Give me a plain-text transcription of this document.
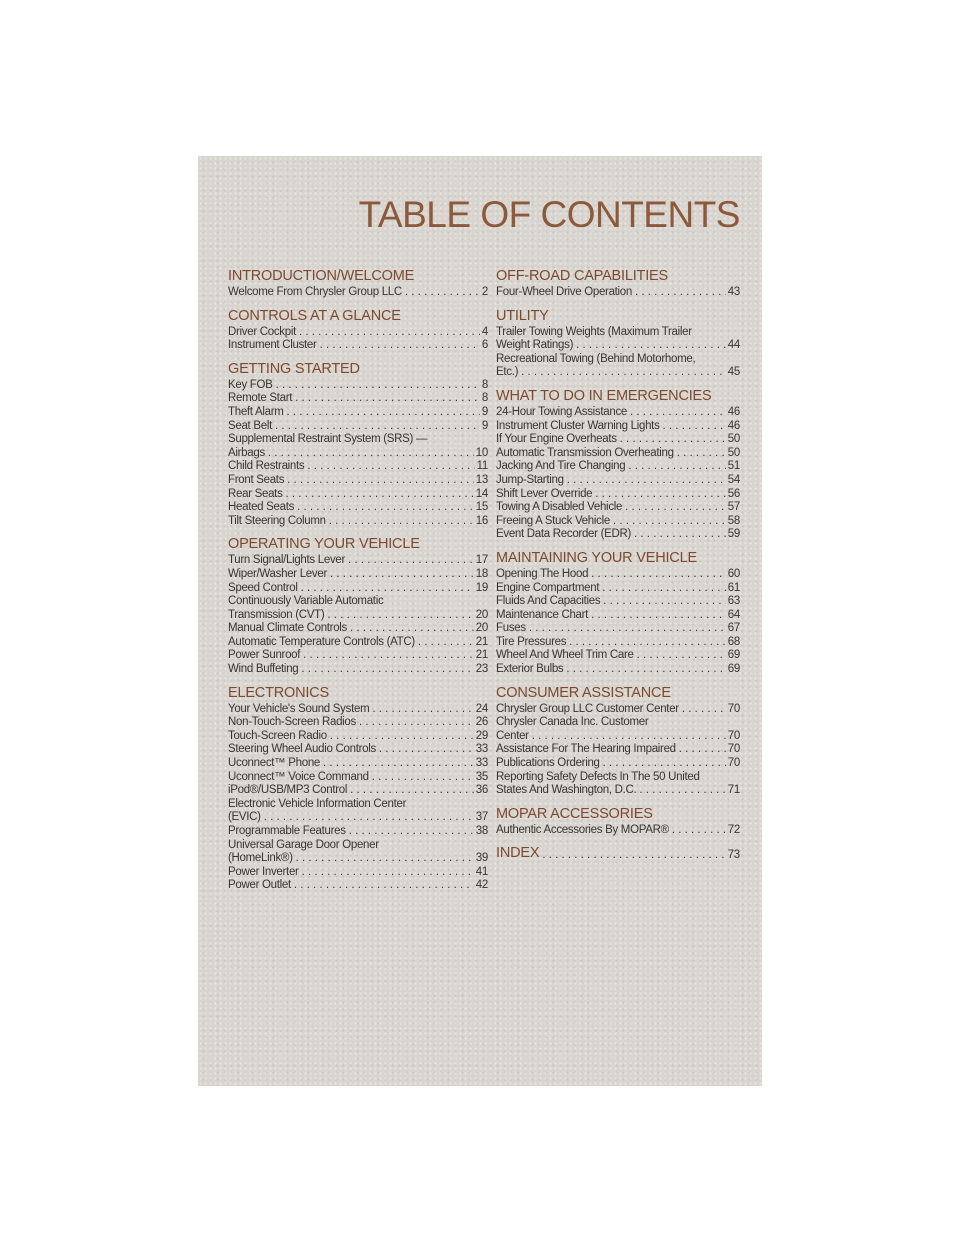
TABLE OF CONTENTS
INTRODUCTION/WELCOME
Welcome From Chrysler Group LLC . . .	2
CONTROLS AT A GLANCE
Driver Cockpit . . .	4
Instrument Cluster . . .	6
GETTING STARTED
Key FOB . . .	8
Remote Start . . .	8
Theft Alarm . . .	9
Seat Belt . . .	9
Supplemental Restraint System (SRS) —
Airbags . . .	10
Child Restraints . . .	11
Front Seats . . .	13
Rear Seats . . .	14
Heated Seats . . .	15
Tilt Steering Column . . .	16
OPERATING YOUR VEHICLE
Turn Signal/Lights Lever . . .	17
Wiper/Washer Lever . . .	18
Speed Control . . .	19
Continuously Variable Automatic
Transmission (CVT) . . .	20
Manual Climate Controls . . .	20
Automatic Temperature Controls (ATC) . . .	21
Power Sunroof . . .	21
Wind Buffeting . . .	23
ELECTRONICS
Your Vehicle's Sound System . . .	24
Non-Touch-Screen Radios . . .	26
Touch-Screen Radio . . .	29
Steering Wheel Audio Controls . . .	33
Uconnect™ Phone . . .	33
Uconnect™ Voice Command . . .	35
iPod®/USB/MP3 Control . . .	36
Electronic Vehicle Information Center
(EVIC) . . .	37
Programmable Features . . .	38
Universal Garage Door Opener
(HomeLink®) . . .	39
Power Inverter . . .	41
Power Outlet . . .	42
OFF-ROAD CAPABILITIES
Four-Wheel Drive Operation . . .	43
UTILITY
Trailer Towing Weights (Maximum Trailer
Weight Ratings) . . .	44
Recreational Towing (Behind Motorhome,
Etc.) . . .	45
WHAT TO DO IN EMERGENCIES
24-Hour Towing Assistance . . .	46
Instrument Cluster Warning Lights . . .	46
If Your Engine Overheats . . .	50
Automatic Transmission Overheating . . .	50
Jacking And Tire Changing . . .	51
Jump-Starting . . .	54
Shift Lever Override . . .	56
Towing A Disabled Vehicle . . .	57
Freeing A Stuck Vehicle . . .	58
Event Data Recorder (EDR) . . .	59
MAINTAINING YOUR VEHICLE
Opening The Hood . . .	60
Engine Compartment . . .	61
Fluids And Capacities . . .	63
Maintenance Chart . . .	64
Fuses . . .	67
Tire Pressures . . .	68
Wheel And Wheel Trim Care . . .	69
Exterior Bulbs . . .	69
CONSUMER ASSISTANCE
Chrysler Group LLC Customer Center . . .	70
Chrysler Canada Inc. Customer
Center . . .	70
Assistance For The Hearing Impaired . . .	70
Publications Ordering . . .	70
Reporting Safety Defects In The 50 United
States And Washington, D.C. . . .	71
MOPAR ACCESSORIES
Authentic Accessories By MOPAR® . . .	72
INDEX . . .	73
